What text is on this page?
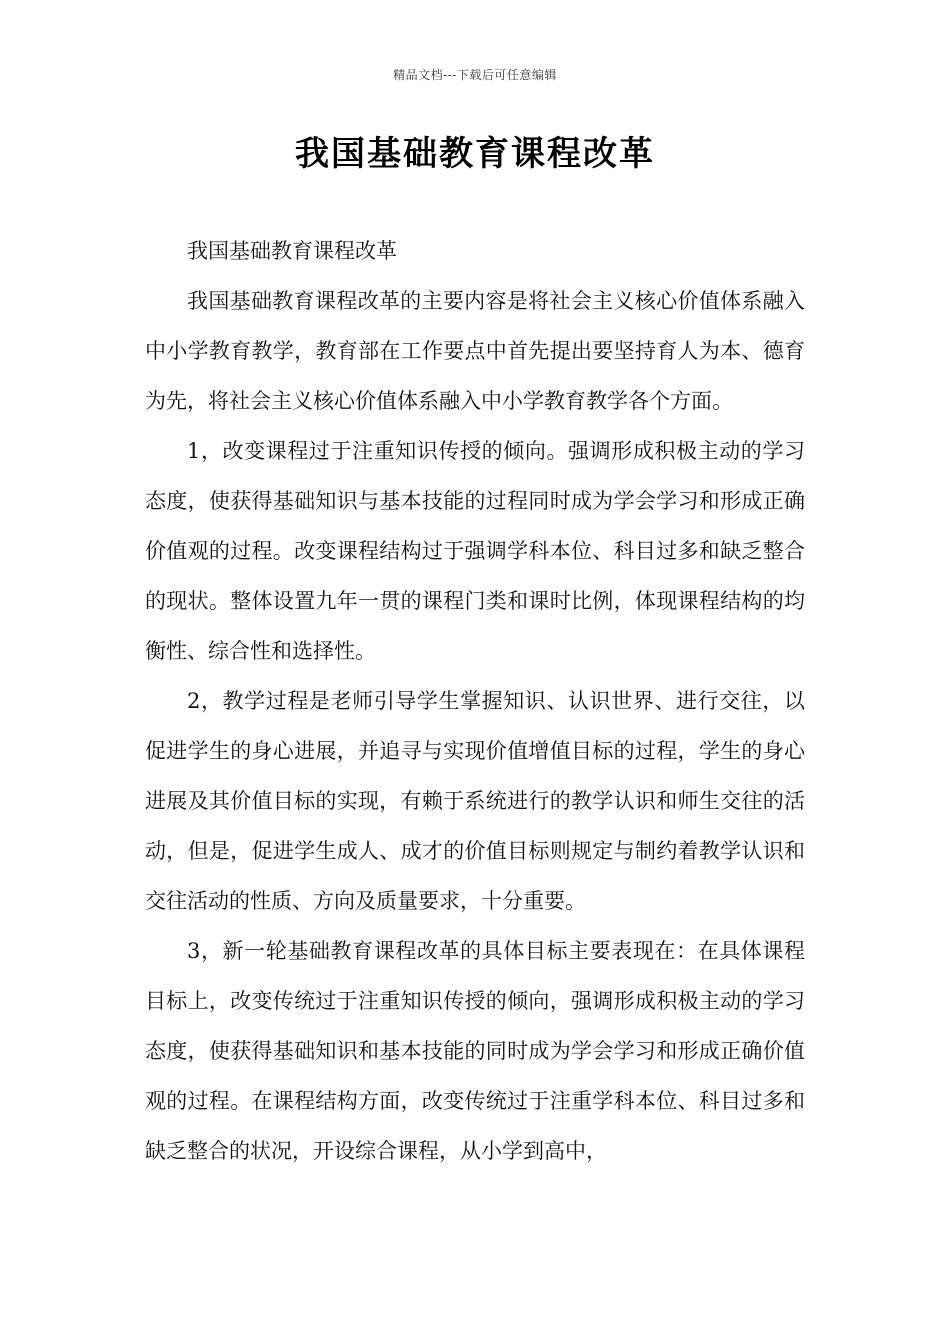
精品文档---下载后可任意编辑
我国基础教育课程改革

我国基础教育课程改革

我国基础教育课程改革的主要内容是将社会主义核心价值体系融入中小学教育教学，教育部在工作要点中首先提出要坚持育人为本、德育为先，将社会主义核心价值体系融入中小学教育教学各个方面。

1，改变课程过于注重知识传授的倾向。强调形成积极主动的学习态度，使获得基础知识与基本技能的过程同时成为学会学习和形成正确价值观的过程。改变课程结构过于强调学科本位、科目过多和缺乏整合的现状。整体设置九年一贯的课程门类和课时比例，体现课程结构的均衡性、综合性和选择性。

2，教学过程是老师引导学生掌握知识、认识世界、进行交往，以促进学生的身心进展，并追寻与实现价值增值目标的过程，学生的身心进展及其价值目标的实现，有赖于系统进行的教学认识和师生交往的活动，但是，促进学生成人、成才的价值目标则规定与制约着教学认识和交往活动的性质、方向及质量要求，十分重要。

3，新一轮基础教育课程改革的具体目标主要表现在：在具体课程目标上，改变传统过于注重知识传授的倾向，强调形成积极主动的学习态度，使获得基础知识和基本技能的同时成为学会学习和形成正确价值观的过程。在课程结构方面，改变传统过于注重学科本位、科目过多和缺乏整合的状况，开设综合课程，从小学到高中，
